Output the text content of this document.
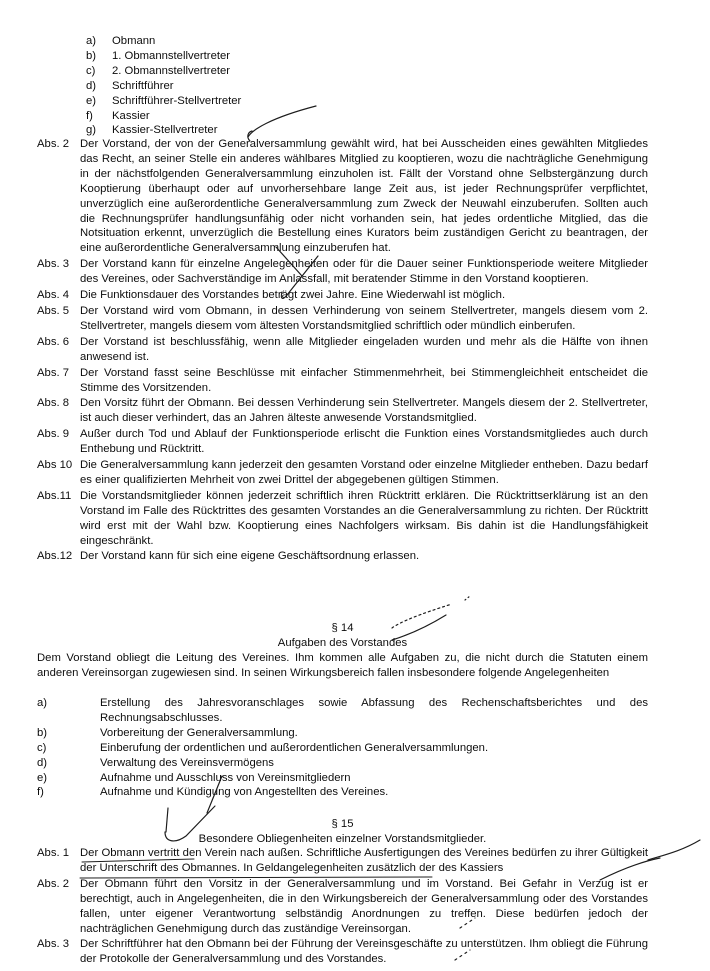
a)	Obmann
b)	1. Obmannstellvertreter
c)	2. Obmannstellvertreter
d)	Schriftführer
e)	Schriftführer-Stellvertreter
f)	Kassier
g)	Kassier-Stellvertreter
Abs. 2 Der Vorstand, der von der Generalversammlung gewählt wird, hat bei Ausscheiden eines gewählten Mitgliedes das Recht, an seiner Stelle ein anderes wählbares Mitglied zu kooptieren, wozu die nachträgliche Genehmigung in der nächstfolgenden Generalversammlung einzuholen ist. Fällt der Vorstand ohne Selbstergänzung durch Kooptierung überhaupt oder auf unvorhersehbare lange Zeit aus, ist jeder Rechnungsprüfer verpflichtet, unverzüglich eine außerordentliche Generalversammlung zum Zweck der Neuwahl einzuberufen. Sollten auch die Rechnungsprüfer handlungsunfähig oder nicht vorhanden sein, hat jedes ordentliche Mitglied, das die Notsituation erkennt, unverzüglich die Bestellung eines Kurators beim zuständigen Gericht zu beantragen, der eine außerordentliche Generalversammlung einzuberufen hat.
Abs. 3 Der Vorstand kann für einzelne Angelegenheiten oder für die Dauer seiner Funktionsperiode weitere Mitglieder des Vereines, oder Sachverständige im Anlassfall, mit beratender Stimme in den Vorstand kooptieren.
Abs. 4 Die Funktionsdauer des Vorstandes beträgt zwei Jahre. Eine Wiederwahl ist möglich.
Abs. 5 Der Vorstand wird vom Obmann, in dessen Verhinderung von seinem Stellvertreter, mangels diesem vom 2. Stellvertreter, mangels diesem vom ältesten Vorstandsmitglied schriftlich oder mündlich einberufen.
Abs. 6 Der Vorstand ist beschlussfähig, wenn alle Mitglieder eingeladen wurden und mehr als die Hälfte von ihnen anwesend ist.
Abs. 7 Der Vorstand fasst seine Beschlüsse mit einfacher Stimmenmehrheit, bei Stimmengleichheit entscheidet die Stimme des Vorsitzenden.
Abs. 8 Den Vorsitz führt der Obmann. Bei dessen Verhinderung sein Stellvertreter. Mangels diesem der 2. Stellvertreter, ist auch dieser verhindert, das an Jahren älteste anwesende Vorstandsmitglied.
Abs. 9 Außer durch Tod und Ablauf der Funktionsperiode erlischt die Funktion eines Vorstandsmitgliedes auch durch Enthebung und Rücktritt.
Abs 10 Die Generalversammlung kann jederzeit den gesamten Vorstand oder einzelne Mitglieder entheben. Dazu bedarf es einer qualifizierten Mehrheit von zwei Drittel der abgegebenen gültigen Stimmen.
Abs.11 Die Vorstandsmitglieder können jederzeit schriftlich ihren Rücktritt erklären. Die Rücktrittserklärung ist an den Vorstand im Falle des Rücktrittes des gesamten Vorstandes an die Generalversammlung zu richten. Der Rücktritt wird erst mit der Wahl bzw. Kooptierung eines Nachfolgers wirksam. Bis dahin ist die Handlungsfähigkeit eingeschränkt.
Abs.12 Der Vorstand kann für sich eine eigene Geschäftsordnung erlassen.
§ 14
Aufgaben des Vorstandes
Dem Vorstand obliegt die Leitung des Vereines. Ihm kommen alle Aufgaben zu, die nicht durch die Statuten einem anderen Vereinsorgan zugewiesen sind. In seinen Wirkungsbereich fallen insbesondere folgende Angelegenheiten
a)	Erstellung des Jahresvoranschlages sowie Abfassung des Rechenschaftsberichtes und des Rechnungsabschlusses.
b)	Vorbereitung der Generalversammlung.
c)	Einberufung der ordentlichen und außerordentlichen Generalversammlungen.
d)	Verwaltung des Vereinsvermögens
e)	Aufnahme und Ausschluss von Vereinsmitgliedern
f)	Aufnahme und Kündigung von Angestellten des Vereines.
§ 15
Besondere Obliegenheiten einzelner Vorstandsmitglieder.
Abs. 1 Der Obmann vertritt den Verein nach außen. Schriftliche Ausfertigungen des Vereines bedürfen zu ihrer Gültigkeit der Unterschrift des Obmannes. In Geldangelegenheiten zusätzlich der des Kassiers
Abs. 2 Der Obmann führt den Vorsitz in der Generalversammlung und im Vorstand. Bei Gefahr in Verzug ist er berechtigt, auch in Angelegenheiten, die in den Wirkungsbereich der Generalversammlung oder des Vorstandes fallen, unter eigener Verantwortung selbständig Anordnungen zu treffen. Diese bedürfen jedoch der nachträglichen Genehmigung durch das zuständige Vereinsorgan.
Abs. 3 Der Schriftführer hat den Obmann bei der Führung der Vereinsgeschäfte zu unterstützen. Ihm obliegt die Führung der Protokolle der Generalversammlung und des Vorstandes.
